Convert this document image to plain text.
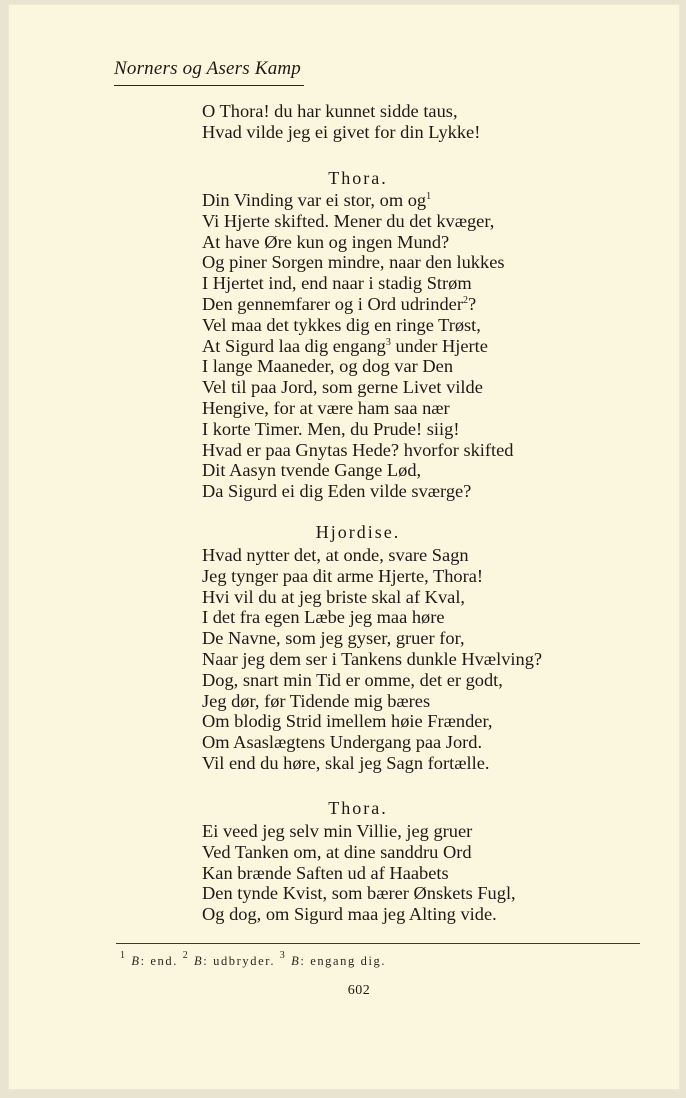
Norners og Asers Kamp
O Thora! du har kunnet sidde taus,
Hvad vilde jeg ei givet for din Lykke!
Thora.
Din Vinding var ei stor, om $og^1$
Vi Hjerte skifted. Mener du det kvæger,
At have Øre kun og ingen Mund?
Og piner Sorgen mindre, naar den lukkes
I Hjertet ind, end naar i stadig Strøm
Den gennemfarer og i Ord udrinder$^2$?
Vel maa det tykkes dig en ringe Trøst,
At Sigurd laa dig engang$^3$ under Hjerte
I lange Maaneder, og dog var Den
Vel til paa Jord, som gerne Livet vilde
Hengive, for at være ham saa nær
I korte Timer. Men, du Prude! siig!
Hvad er paa Gnytas Hede? hvorfor skifted
Dit Aasyn tvende Gange Lød,
Da Sigurd ei dig Eden vilde sværge?
Hjordise.
Hvad nytter det, at onde, svare Sagn
Jeg tynger paa dit arme Hjerte, Thora!
Hvi vil du at jeg briste skal af Kval,
I det fra egen Læbe jeg maa høre
De Navne, som jeg gyser, gruer for,
Naar jeg dem ser i Tankens dunkle Hvælving?
Dog, snart min Tid er omme, det er godt,
Jeg dør, før Tidende mig bæres
Om blodig Strid imellem høie Frænder,
Om Asaslægtens Undergang paa Jord.
Vil end du høre, skal jeg Sagn fortælle.
Thora.
Ei veed jeg selv min Villie, jeg gruer
Ved Tanken om, at dine sanddru Ord
Kan brænde Saften ud af Haabets
Den tynde Kvist, som bærer Ønskets Fugl,
Og dog, om Sigurd maa jeg Alting vide.
$^1$ B: end. $^2$ B: udbryder. $^3$ B: engang dig.
602
